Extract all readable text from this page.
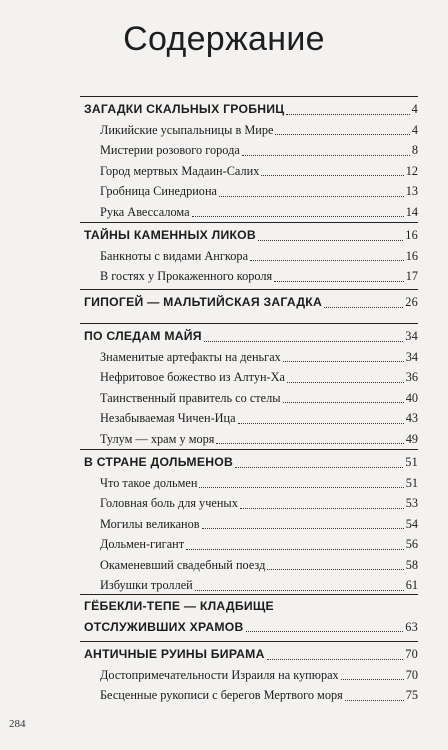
Содержание
ЗАГАДКИ СКАЛЬНЫХ ГРОБНИЦ	4
Ликийские усыпальницы в Мире	4
Мистерии розового города	8
Город мертвых Мадаин-Салих	12
Гробница Синедриона	13
Рука Авессалома	14
ТАЙНЫ КАМЕННЫХ ЛИКОВ	16
Банкноты с видами Ангкора	16
В гостях у Прокаженного короля	17
ГИПОГЕЙ — МАЛЬТИЙСКАЯ ЗАГАДКА	26
ПО СЛЕДАМ МАЙЯ	34
Знаменитые артефакты на деньгах	34
Нефритовое божество из Алтун-Ха	36
Таинственный правитель со стелы	40
Незабываемая Чичен-Ица	43
Тулум — храм у моря	49
В СТРАНЕ ДОЛЬМЕНОВ	51
Что такое дольмен	51
Головная боль для ученых	53
Могилы великанов	54
Дольмен-гигант	56
Окаменевший свадебный поезд	58
Избушки троллей	61
ГЁБЕКЛИ-ТЕПЕ — КЛАДБИЩЕ
ОТСЛУЖИВШИХ ХРАМОВ	63
АНТИЧНЫЕ РУИНЫ БИРАМА	70
Достопримечательности Израиля на купюрах	70
Бесценные рукописи с берегов Мертвого моря	75
284
